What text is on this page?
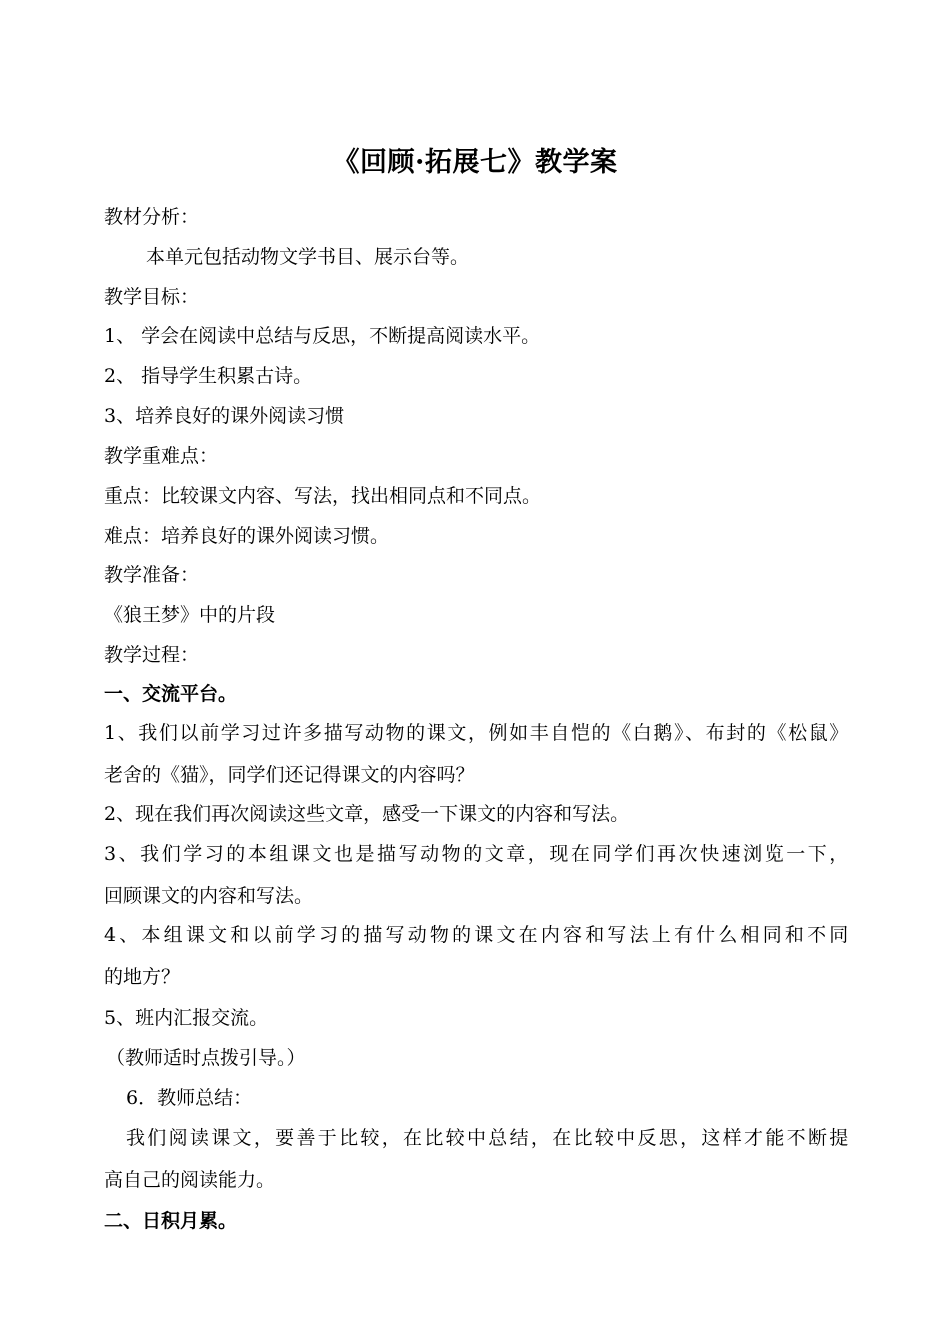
《回顾·拓展七》教学案
教材分析：
本单元包括动物文学书目、展示台等。
教学目标：
1、 学会在阅读中总结与反思，不断提高阅读水平。
2、 指导学生积累古诗。
3、培养良好的课外阅读习惯
教学重难点：
重点：比较课文内容、写法，找出相同点和不同点。
难点：培养良好的课外阅读习惯。
教学准备：
《狼王梦》中的片段
教学过程：
一、交流平台。
1、我们以前学习过许多描写动物的课文，例如丰自恺的《白鹅》、布封的《松鼠》
老舍的《猫》，同学们还记得课文的内容吗？
2、现在我们再次阅读这些文章，感受一下课文的内容和写法。
3、我们学习的本组课文也是描写动物的文章，现在同学们再次快速浏览一下，
回顾课文的内容和写法。
4、本组课文和以前学习的描写动物的课文在内容和写法上有什么相同和不同
的地方？
5、班内汇报交流。
（教师适时点拨引导。）
6．教师总结：
我们阅读课文，要善于比较，在比较中总结，在比较中反思，这样才能不断提
高自己的阅读能力。
二、日积月累。
